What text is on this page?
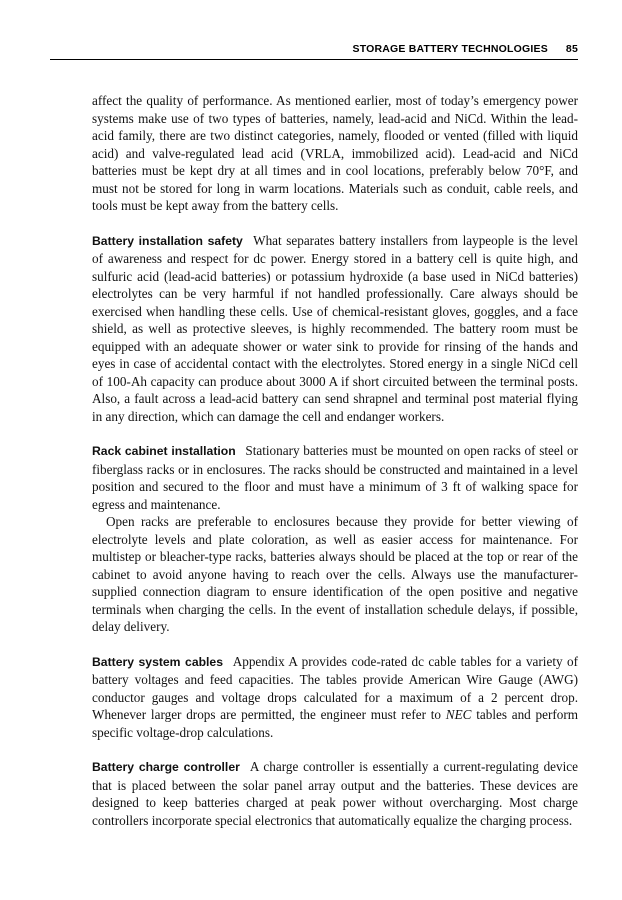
STORAGE BATTERY TECHNOLOGIES 85

affect the quality of performance. As mentioned earlier, most of today’s emergency power systems make use of two types of batteries, namely, lead-acid and NiCd. Within the lead-acid family, there are two distinct categories, namely, flooded or vented (filled with liquid acid) and valve-regulated lead acid (VRLA, immobilized acid). Lead-acid and NiCd batteries must be kept dry at all times and in cool locations, preferably below 70°F, and must not be stored for long in warm locations. Materials such as conduit, cable reels, and tools must be kept away from the battery cells.

Battery installation safety What separates battery installers from laypeople is the level of awareness and respect for dc power. Energy stored in a battery cell is quite high, and sulfuric acid (lead-acid batteries) or potassium hydroxide (a base used in NiCd batteries) electrolytes can be very harmful if not handled professionally. Care always should be exercised when handling these cells. Use of chemical-resistant gloves, goggles, and a face shield, as well as protective sleeves, is highly recommended. The battery room must be equipped with an adequate shower or water sink to provide for rinsing of the hands and eyes in case of accidental contact with the electrolytes. Stored energy in a single NiCd cell of 100-Ah capacity can produce about 3000 A if short circuited between the terminal posts. Also, a fault across a lead-acid battery can send shrapnel and terminal post material flying in any direction, which can damage the cell and endanger workers.

Rack cabinet installation Stationary batteries must be mounted on open racks of steel or fiberglass racks or in enclosures. The racks should be constructed and maintained in a level position and secured to the floor and must have a minimum of 3 ft of walking space for egress and maintenance.

Open racks are preferable to enclosures because they provide for better viewing of electrolyte levels and plate coloration, as well as easier access for maintenance. For multistep or bleacher-type racks, batteries always should be placed at the top or rear of the cabinet to avoid anyone having to reach over the cells. Always use the manufacturer-supplied connection diagram to ensure identification of the open positive and negative terminals when charging the cells. In the event of installation schedule delays, if possible, delay delivery.

Battery system cables Appendix A provides code-rated dc cable tables for a variety of battery voltages and feed capacities. The tables provide American Wire Gauge (AWG) conductor gauges and voltage drops calculated for a maximum of a 2 percent drop. Whenever larger drops are permitted, the engineer must refer to NEC tables and perform specific voltage-drop calculations.

Battery charge controller A charge controller is essentially a current-regulating device that is placed between the solar panel array output and the batteries. These devices are designed to keep batteries charged at peak power without overcharging. Most charge controllers incorporate special electronics that automatically equalize the charging process.
